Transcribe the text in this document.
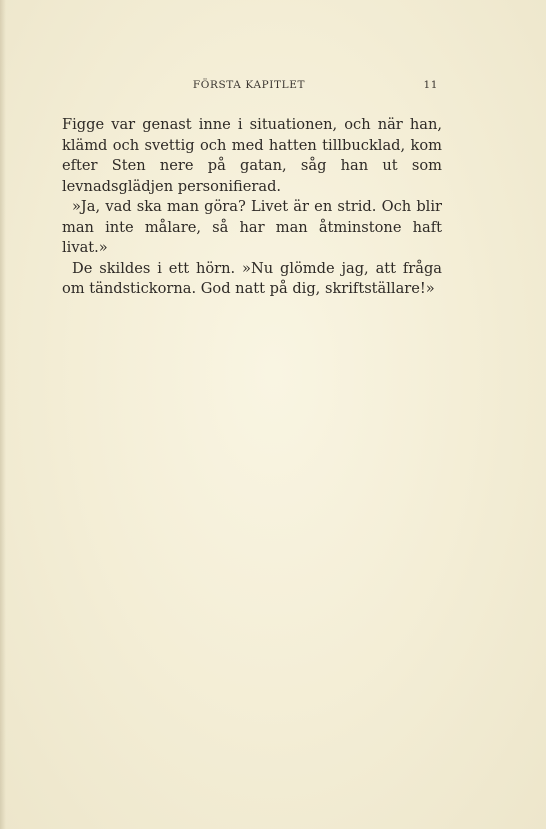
FÖRSTA KAPITLET	11

Figge var genast inne i situationen, och när han, klämd och svettig och med hatten tillbucklad, kom efter Sten nere på gatan, såg han ut som levnadsglädjen personifierad.

»Ja, vad ska man göra? Livet är en strid. Och blir man inte målare, så har man åtminstone haft livat.»

De skildes i ett hörn. »Nu glömde jag, att fråga om tändstickorna. God natt på dig, skriftställare!»
